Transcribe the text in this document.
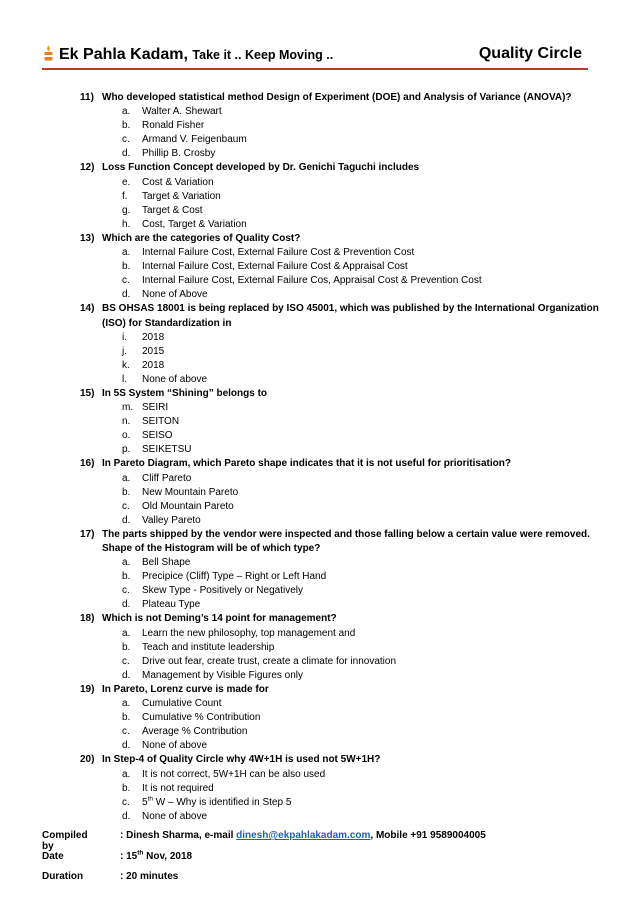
Ek Pahla Kadam, Take it .. Keep Moving ..	Quality Circle
11) Who developed statistical method Design of Experiment (DOE) and Analysis of Variance (ANOVA)?
a. Walter A. Shewart
b. Ronald Fisher
c. Armand V. Feigenbaum
d. Phillip B. Crosby
12) Loss Function Concept developed by Dr. Genichi Taguchi includes
e. Cost & Variation
f. Target & Variation
g. Target & Cost
h. Cost, Target & Variation
13) Which are the categories of Quality Cost?
a. Internal Failure Cost, External Failure Cost & Prevention Cost
b. Internal Failure Cost, External Failure Cost & Appraisal Cost
c. Internal Failure Cost, External Failure Cos, Appraisal Cost & Prevention Cost
d. None of Above
14) BS OHSAS 18001 is being replaced by ISO 45001, which was published by the International Organization (ISO) for Standardization in
i. 2018
j. 2015
k. 2018
l. None of above
15) In 5S System “Shining” belongs to
m. SEIRI
n. SEITON
o. SEISO
p. SEIKETSU
16) In Pareto Diagram, which Pareto shape indicates that it is not useful for prioritisation?
a. Cliff Pareto
b. New Mountain Pareto
c. Old Mountain Pareto
d. Valley Pareto
17) The parts shipped by the vendor were inspected and those falling below a certain value were removed. Shape of the Histogram will be of which type?
a. Bell Shape
b. Precipice (Cliff) Type – Right or Left Hand
c. Skew Type - Positively or Negatively
d. Plateau Type
18) Which is not Deming’s 14 point for management?
a. Learn the new philosophy, top management and
b. Teach and institute leadership
c. Drive out fear, create trust, create a climate for innovation
d. Management by Visible Figures only
19) In Pareto, Lorenz curve is made for
a. Cumulative Count
b. Cumulative % Contribution
c. Average % Contribution
d. None of above
20) In Step-4 of Quality Circle why 4W+1H is used not 5W+1H?
a. It is not correct, 5W+1H can be also used
b. It is not required
c. 5th W – Why is identified in Step 5
d. None of above
Compiled by
: Dinesh Sharma, e-mail dinesh@ekpahlakadam.com, Mobile +91 9589004005
Date	: 15th Nov, 2018
Duration	: 20 minutes
